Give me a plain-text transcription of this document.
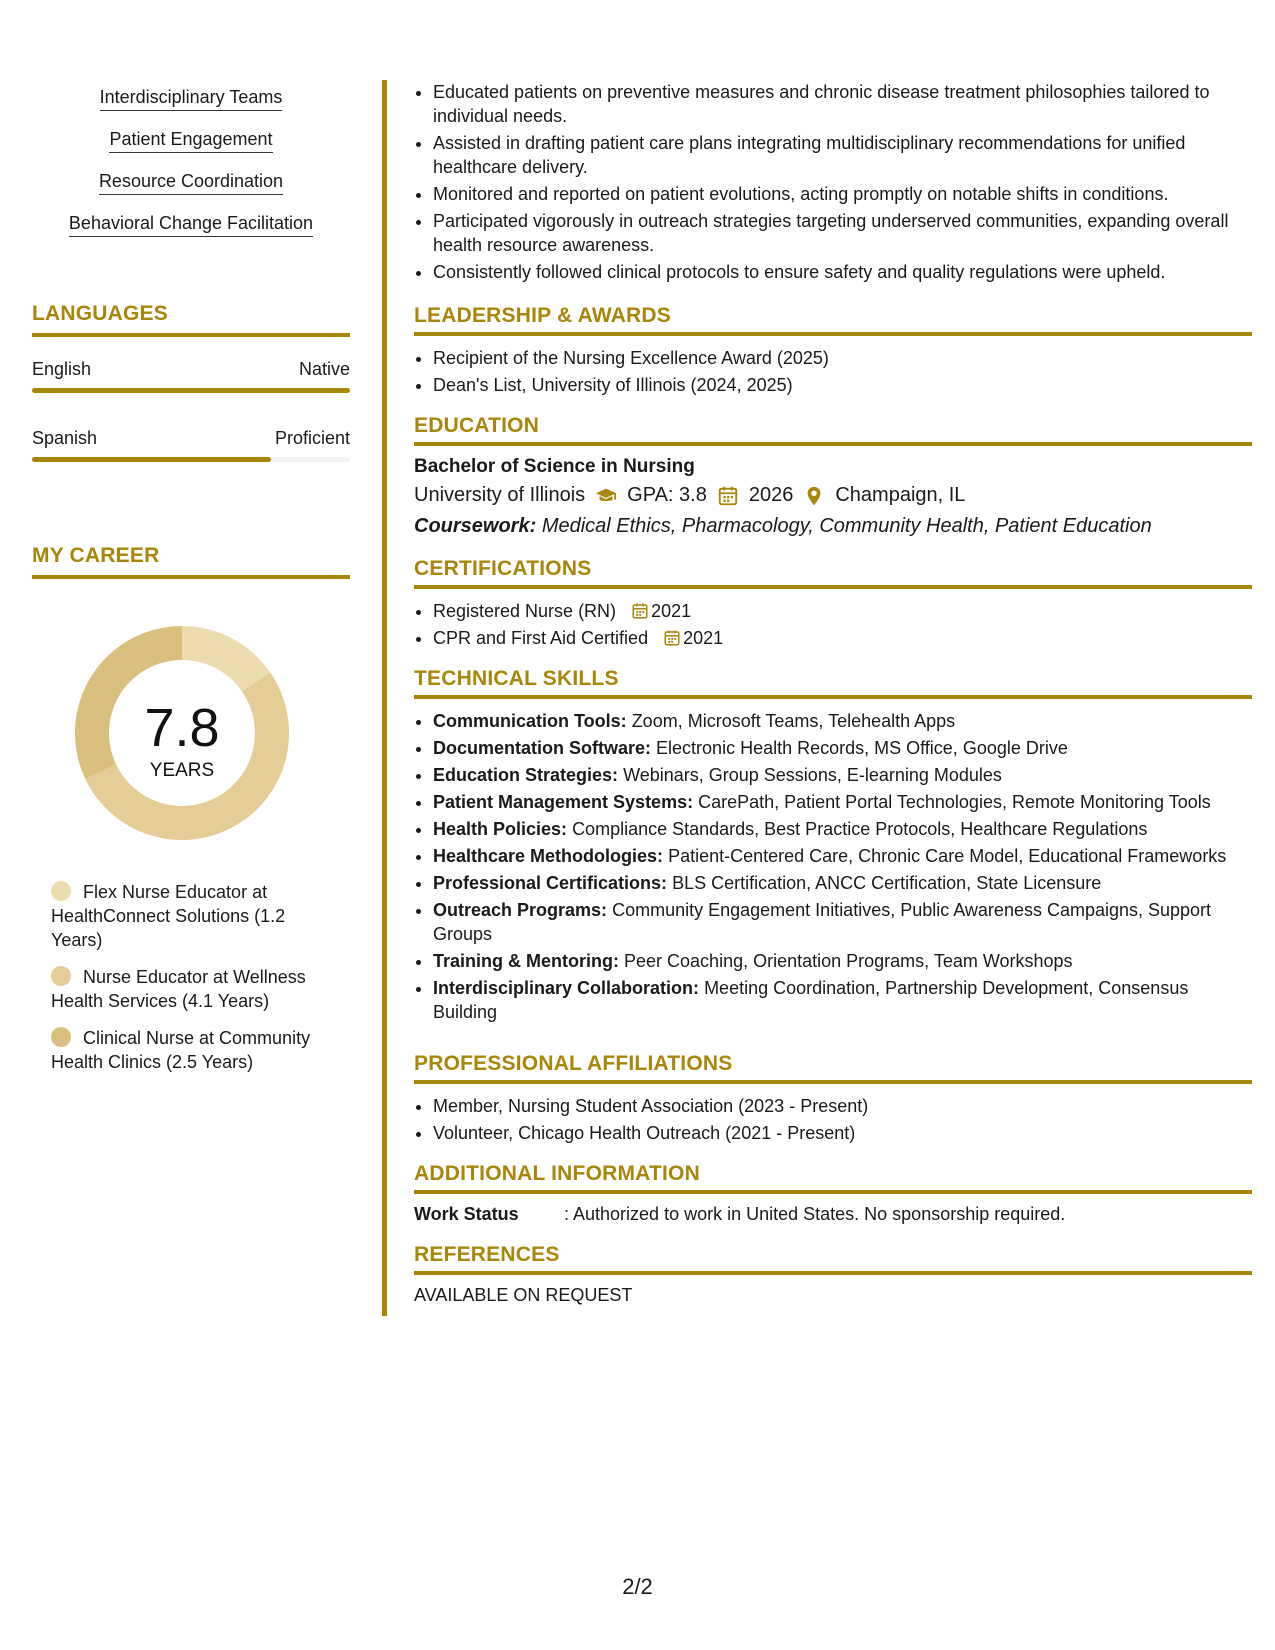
Interdisciplinary Teams
Patient Engagement
Resource Coordination
Behavioral Change Facilitation
LANGUAGES
English	Native
Spanish	Proficient
MY CAREER
7.8
YEARS
Flex Nurse Educator at HealthConnect Solutions (1.2 Years)
Nurse Educator at Wellness Health Services (4.1 Years)
Clinical Nurse at Community Health Clinics (2.5 Years)
• Educated patients on preventive measures and chronic disease treatment philosophies tailored to individual needs.
• Assisted in drafting patient care plans integrating multidisciplinary recommendations for unified healthcare delivery.
• Monitored and reported on patient evolutions, acting promptly on notable shifts in conditions.
• Participated vigorously in outreach strategies targeting underserved communities, expanding overall health resource awareness.
• Consistently followed clinical protocols to ensure safety and quality regulations were upheld.
LEADERSHIP & AWARDS
• Recipient of the Nursing Excellence Award (2025)
• Dean's List, University of Illinois (2024, 2025)
EDUCATION
Bachelor of Science in Nursing
University of Illinois GPA: 3.8 2026 Champaign, IL
Coursework: Medical Ethics, Pharmacology, Community Health, Patient Education
CERTIFICATIONS
• Registered Nurse (RN) 2021
• CPR and First Aid Certified 2021
TECHNICAL SKILLS
• Communication Tools: Zoom, Microsoft Teams, Telehealth Apps
• Documentation Software: Electronic Health Records, MS Office, Google Drive
• Education Strategies: Webinars, Group Sessions, E-learning Modules
• Patient Management Systems: CarePath, Patient Portal Technologies, Remote Monitoring Tools
• Health Policies: Compliance Standards, Best Practice Protocols, Healthcare Regulations
• Healthcare Methodologies: Patient-Centered Care, Chronic Care Model, Educational Frameworks
• Professional Certifications: BLS Certification, ANCC Certification, State Licensure
• Outreach Programs: Community Engagement Initiatives, Public Awareness Campaigns, Support Groups
• Training & Mentoring: Peer Coaching, Orientation Programs, Team Workshops
• Interdisciplinary Collaboration: Meeting Coordination, Partnership Development, Consensus Building
PROFESSIONAL AFFILIATIONS
• Member, Nursing Student Association (2023 - Present)
• Volunteer, Chicago Health Outreach (2021 - Present)
ADDITIONAL INFORMATION
Work Status	: Authorized to work in United States. No sponsorship required.
REFERENCES
AVAILABLE ON REQUEST
2/2
